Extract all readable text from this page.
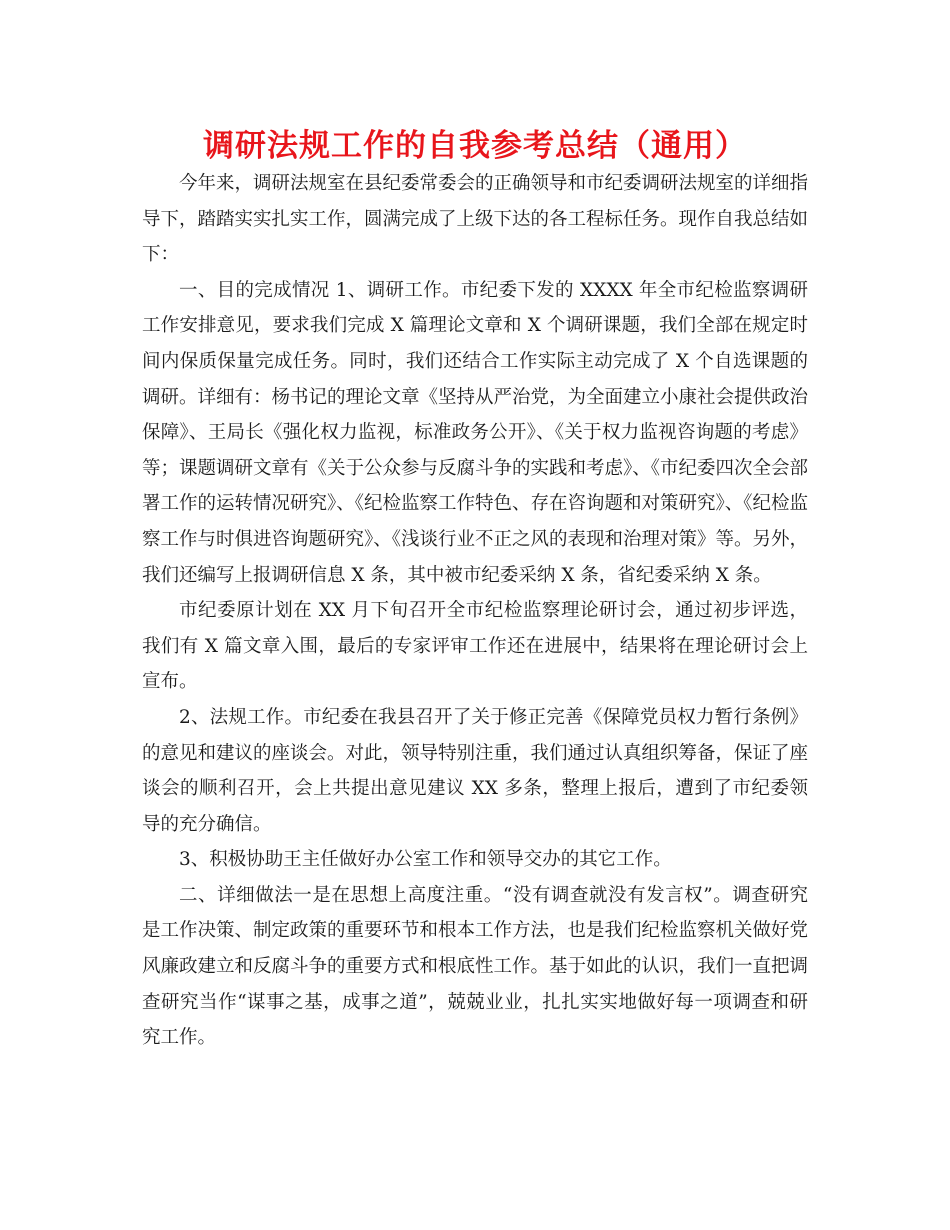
调研法规工作的自我参考总结（通用）

今年来，调研法规室在县纪委常委会的正确领导和市纪委调研法规室的详细指导下，踏踏实实扎实工作，圆满完成了上级下达的各工程标任务。现作自我总结如下：

一、目的完成情况 1、调研工作。市纪委下发的 XXXX 年全市纪检监察调研工作安排意见，要求我们完成 X 篇理论文章和 X 个调研课题，我们全部在规定时间内保质保量完成任务。同时，我们还结合工作实际主动完成了 X 个自选课题的调研。详细有：杨书记的理论文章《坚持从严治党，为全面建立小康社会提供政治保障》、王局长《强化权力监视，标准政务公开》、《关于权力监视咨询题的考虑》等；课题调研文章有《关于公众参与反腐斗争的实践和考虑》、《市纪委四次全会部署工作的运转情况研究》、《纪检监察工作特色、存在咨询题和对策研究》、《纪检监察工作与时俱进咨询题研究》、《浅谈行业不正之风的表现和治理对策》等。另外，我们还编写上报调研信息 X 条，其中被市纪委采纳 X 条，省纪委采纳 X 条。

市纪委原计划在 XX 月下旬召开全市纪检监察理论研讨会，通过初步评选，我们有 X 篇文章入围，最后的专家评审工作还在进展中，结果将在理论研讨会上宣布。

2、法规工作。市纪委在我县召开了关于修正完善《保障党员权力暂行条例》的意见和建议的座谈会。对此，领导特别注重，我们通过认真组织筹备，保证了座谈会的顺利召开，会上共提出意见建议 XX 多条，整理上报后，遭到了市纪委领导的充分确信。

3、积极协助王主任做好办公室工作和领导交办的其它工作。

二、详细做法一是在思想上高度注重。“没有调查就没有发言权”。调查研究是工作决策、制定政策的重要环节和根本工作方法，也是我们纪检监察机关做好党风廉政建立和反腐斗争的重要方式和根底性工作。基于如此的认识，我们一直把调查研究当作“谋事之基，成事之道”，兢兢业业，扎扎实实地做好每一项调查和研究工作。
